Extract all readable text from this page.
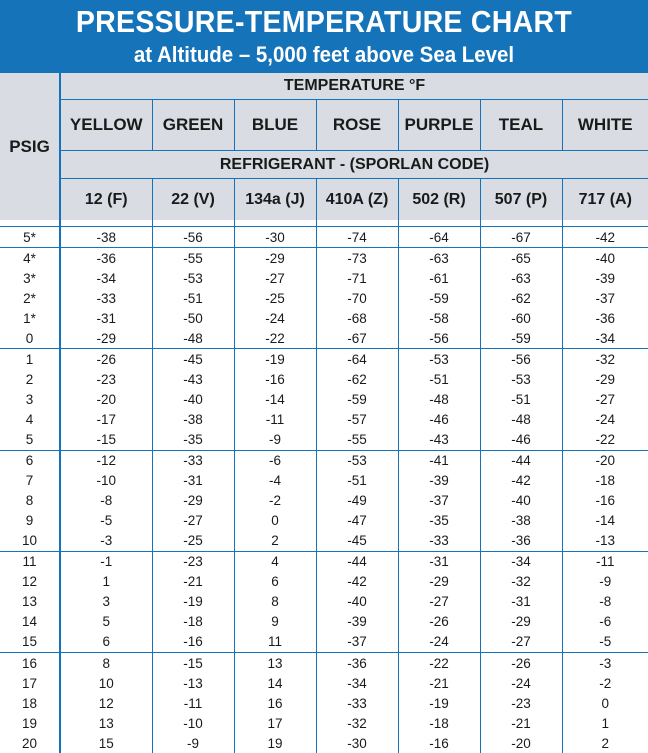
PRESSURE-TEMPERATURE CHART
at Altitude – 5,000 feet above Sea Level
PSIG	TEMPERATURE °F						
	YELLOW	GREEN	BLUE	ROSE	PURPLE	TEAL	WHITE
	REFRIGERANT - (SPORLAN CODE)						
	12 (F)	22 (V)	134a (J)	410A (Z)	502 (R)	507 (P)	717 (A)

5*	-38	-56	-30	-74	-64	-67	-42
4*	-36	-55	-29	-73	-63	-65	-40
3*	-34	-53	-27	-71	-61	-63	-39
2*	-33	-51	-25	-70	-59	-62	-37
1*	-31	-50	-24	-68	-58	-60	-36
0	-29	-48	-22	-67	-56	-59	-34
1	-26	-45	-19	-64	-53	-56	-32
2	-23	-43	-16	-62	-51	-53	-29
3	-20	-40	-14	-59	-48	-51	-27
4	-17	-38	-11	-57	-46	-48	-24
5	-15	-35	-9	-55	-43	-46	-22
6	-12	-33	-6	-53	-41	-44	-20
7	-10	-31	-4	-51	-39	-42	-18
8	-8	-29	-2	-49	-37	-40	-16
9	-5	-27	0	-47	-35	-38	-14
10	-3	-25	2	-45	-33	-36	-13
11	-1	-23	4	-44	-31	-34	-11
12	1	-21	6	-42	-29	-32	-9
13	3	-19	8	-40	-27	-31	-8
14	5	-18	9	-39	-26	-29	-6
15	6	-16	11	-37	-24	-27	-5
16	8	-15	13	-36	-22	-26	-3
17	10	-13	14	-34	-21	-24	-2
18	12	-11	16	-33	-19	-23	0
19	13	-10	17	-32	-18	-21	1
20	15	-9	19	-30	-16	-20	2
